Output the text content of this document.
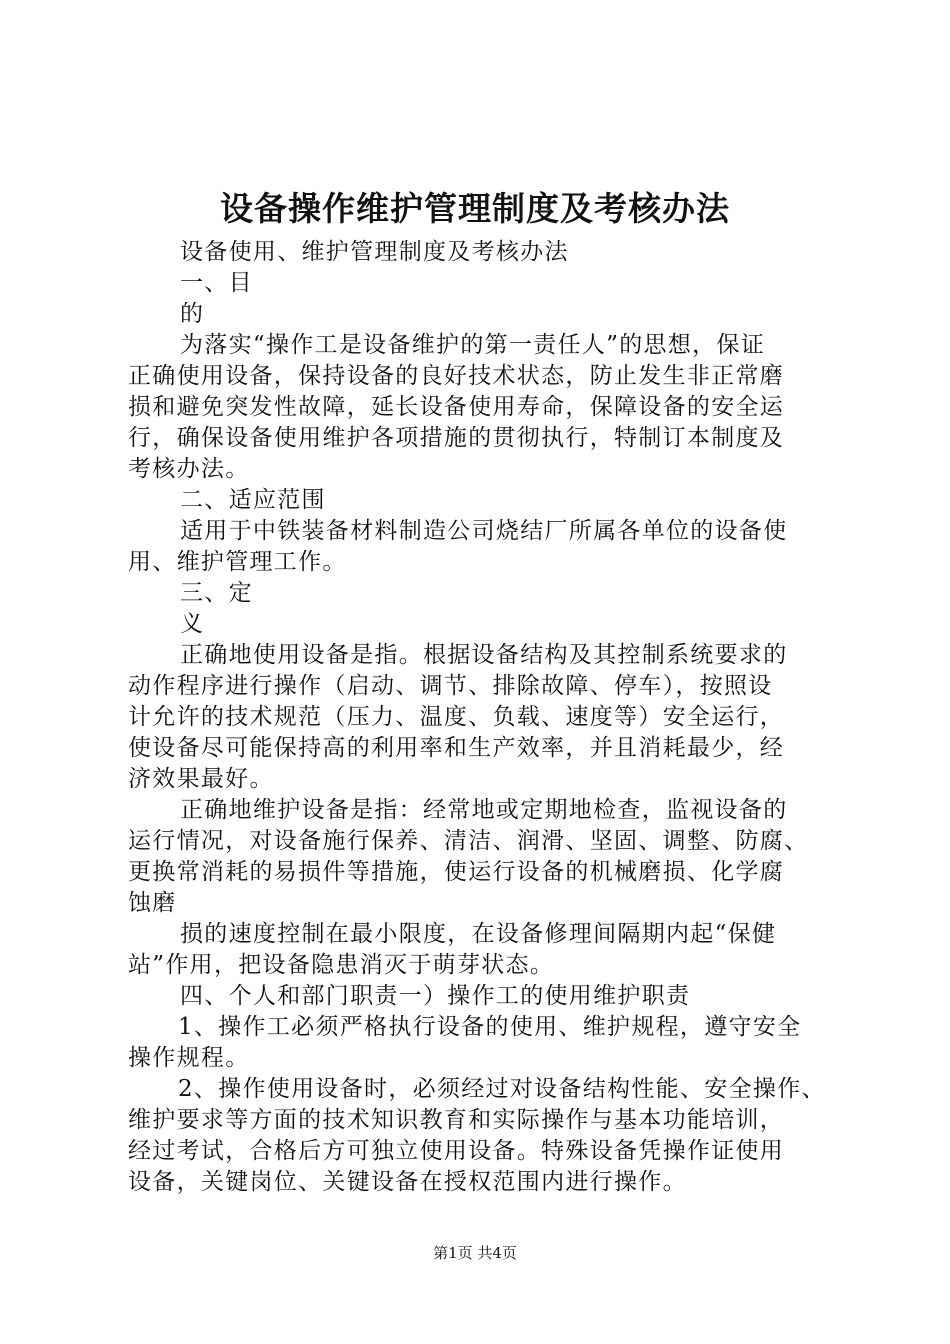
设备操作维护管理制度及考核办法
设备使用、维护管理制度及考核办法
一、目
的
为落实“操作工是设备维护的第一责任人”的思想，保证
正确使用设备，保持设备的良好技术状态，防止发生非正常磨
损和避免突发性故障，延长设备使用寿命，保障设备的安全运
行，确保设备使用维护各项措施的贯彻执行，特制订本制度及
考核办法。
二、适应范围
适用于中铁装备材料制造公司烧结厂所属各单位的设备使
用、维护管理工作。
三、定
义
正确地使用设备是指。根据设备结构及其控制系统要求的
动作程序进行操作（启动、调节、排除故障、停车），按照设
计允许的技术规范（压力、温度、负载、速度等）安全运行，
使设备尽可能保持高的利用率和生产效率，并且消耗最少，经
济效果最好。
正确地维护设备是指：经常地或定期地检查，监视设备的
运行情况，对设备施行保养、清洁、润滑、坚固、调整、防腐、
更换常消耗的易损件等措施，使运行设备的机械磨损、化学腐
蚀磨
损的速度控制在最小限度，在设备修理间隔期内起“保健
站”作用，把设备隐患消灭于萌芽状态。
四、个人和部门职责一）操作工的使用维护职责
1、操作工必须严格执行设备的使用、维护规程，遵守安全
操作规程。
2、操作使用设备时，必须经过对设备结构性能、安全操作、
维护要求等方面的技术知识教育和实际操作与基本功能培训，
经过考试，合格后方可独立使用设备。特殊设备凭操作证使用
设备，关键岗位、关键设备在授权范围内进行操作。
第1页 共4页
